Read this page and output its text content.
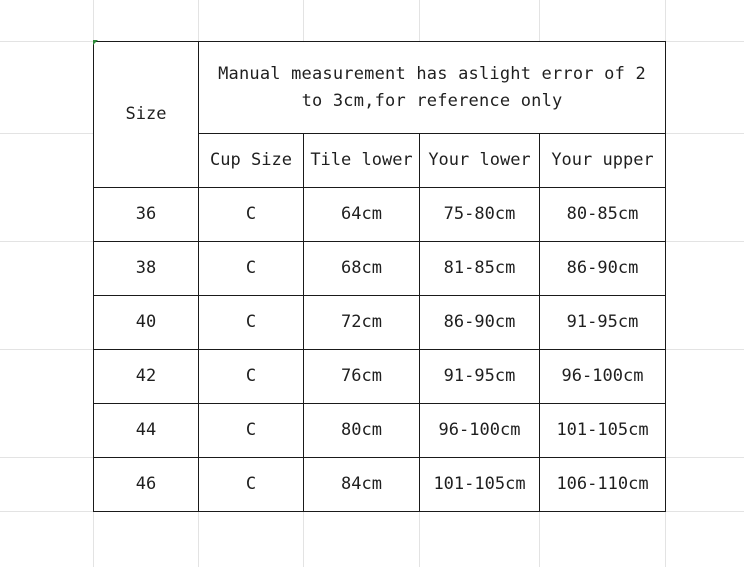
Size	Manual measurement has aslight error of 2 to 3cm,for reference only			
	Cup Size	Tile lower	Your lower	Your upper
36	C	64cm	75-80cm	80-85cm
38	C	68cm	81-85cm	86-90cm
40	C	72cm	86-90cm	91-95cm
42	C	76cm	91-95cm	96-100cm
44	C	80cm	96-100cm	101-105cm
46	C	84cm	101-105cm	106-110cm
